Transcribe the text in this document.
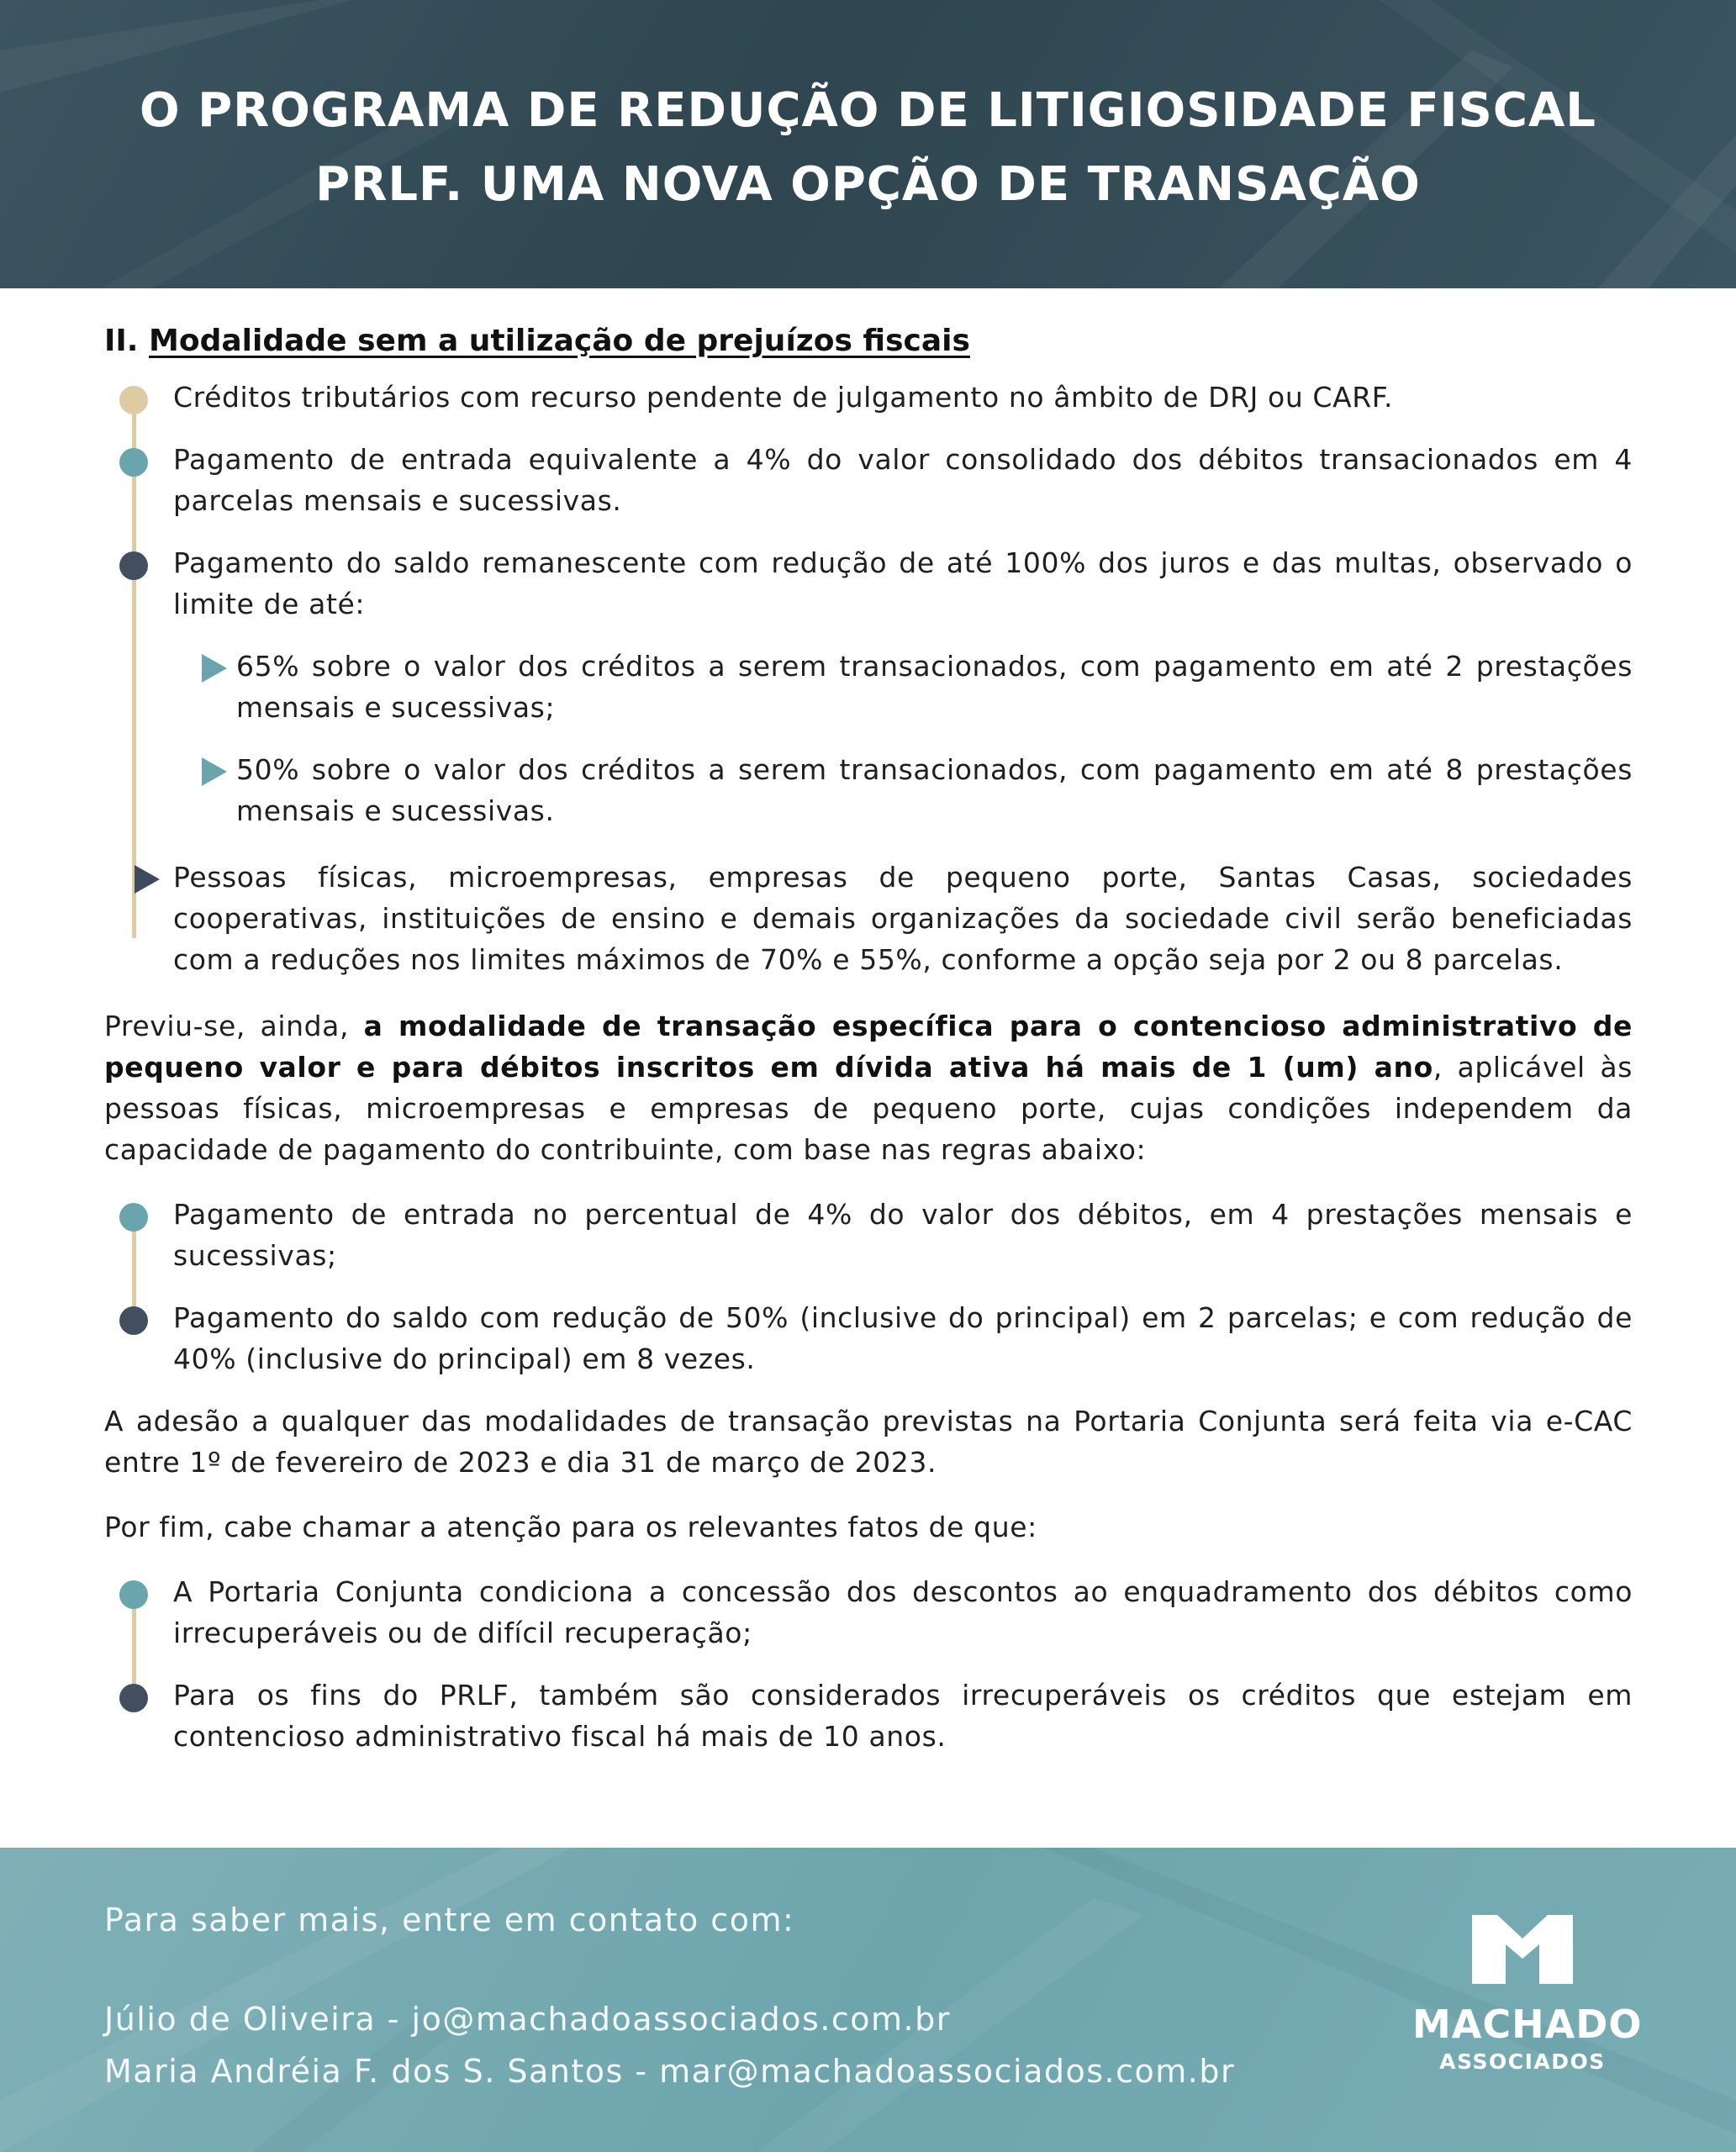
O PROGRAMA DE REDUÇÃO DE LITIGIOSIDADE FISCAL
PRLF. UMA NOVA OPÇÃO DE TRANSAÇÃO
II. Modalidade sem a utilização de prejuízos fiscais
Créditos tributários com recurso pendente de julgamento no âmbito de DRJ ou CARF.
Pagamento de entrada equivalente a 4% do valor consolidado dos débitos transacionados em 4 parcelas mensais e sucessivas.
Pagamento do saldo remanescente com redução de até 100% dos juros e das multas, observado o limite de até:
65% sobre o valor dos créditos a serem transacionados, com pagamento em até 2 prestações mensais e sucessivas;
50% sobre o valor dos créditos a serem transacionados, com pagamento em até 8 prestações mensais e sucessivas.
Pessoas físicas, microempresas, empresas de pequeno porte, Santas Casas, sociedades cooperativas, instituições de ensino e demais organizações da sociedade civil serão beneficiadas com a reduções nos limites máximos de 70% e 55%, conforme a opção seja por 2 ou 8 parcelas.
Previu-se, ainda, a modalidade de transação específica para o contencioso administrativo de pequeno valor e para débitos inscritos em dívida ativa há mais de 1 (um) ano, aplicável às pessoas físicas, microempresas e empresas de pequeno porte, cujas condições independem da capacidade de pagamento do contribuinte, com base nas regras abaixo:
Pagamento de entrada no percentual de 4% do valor dos débitos, em 4 prestações mensais e sucessivas;
Pagamento do saldo com redução de 50% (inclusive do principal) em 2 parcelas; e com redução de 40% (inclusive do principal) em 8 vezes.
A adesão a qualquer das modalidades de transação previstas na Portaria Conjunta será feita via e-CAC entre 1º de fevereiro de 2023 e dia 31 de março de 2023.
Por fim, cabe chamar a atenção para os relevantes fatos de que:
A Portaria Conjunta condiciona a concessão dos descontos ao enquadramento dos débitos como irrecuperáveis ou de difícil recuperação;
Para os fins do PRLF, também são considerados irrecuperáveis os créditos que estejam em contencioso administrativo fiscal há mais de 10 anos.
Para saber mais, entre em contato com:
Júlio de Oliveira - jo@machadoassociados.com.br
Maria Andréia F. dos S. Santos - mar@machadoassociados.com.br
MACHADO
ASSOCIADOS
